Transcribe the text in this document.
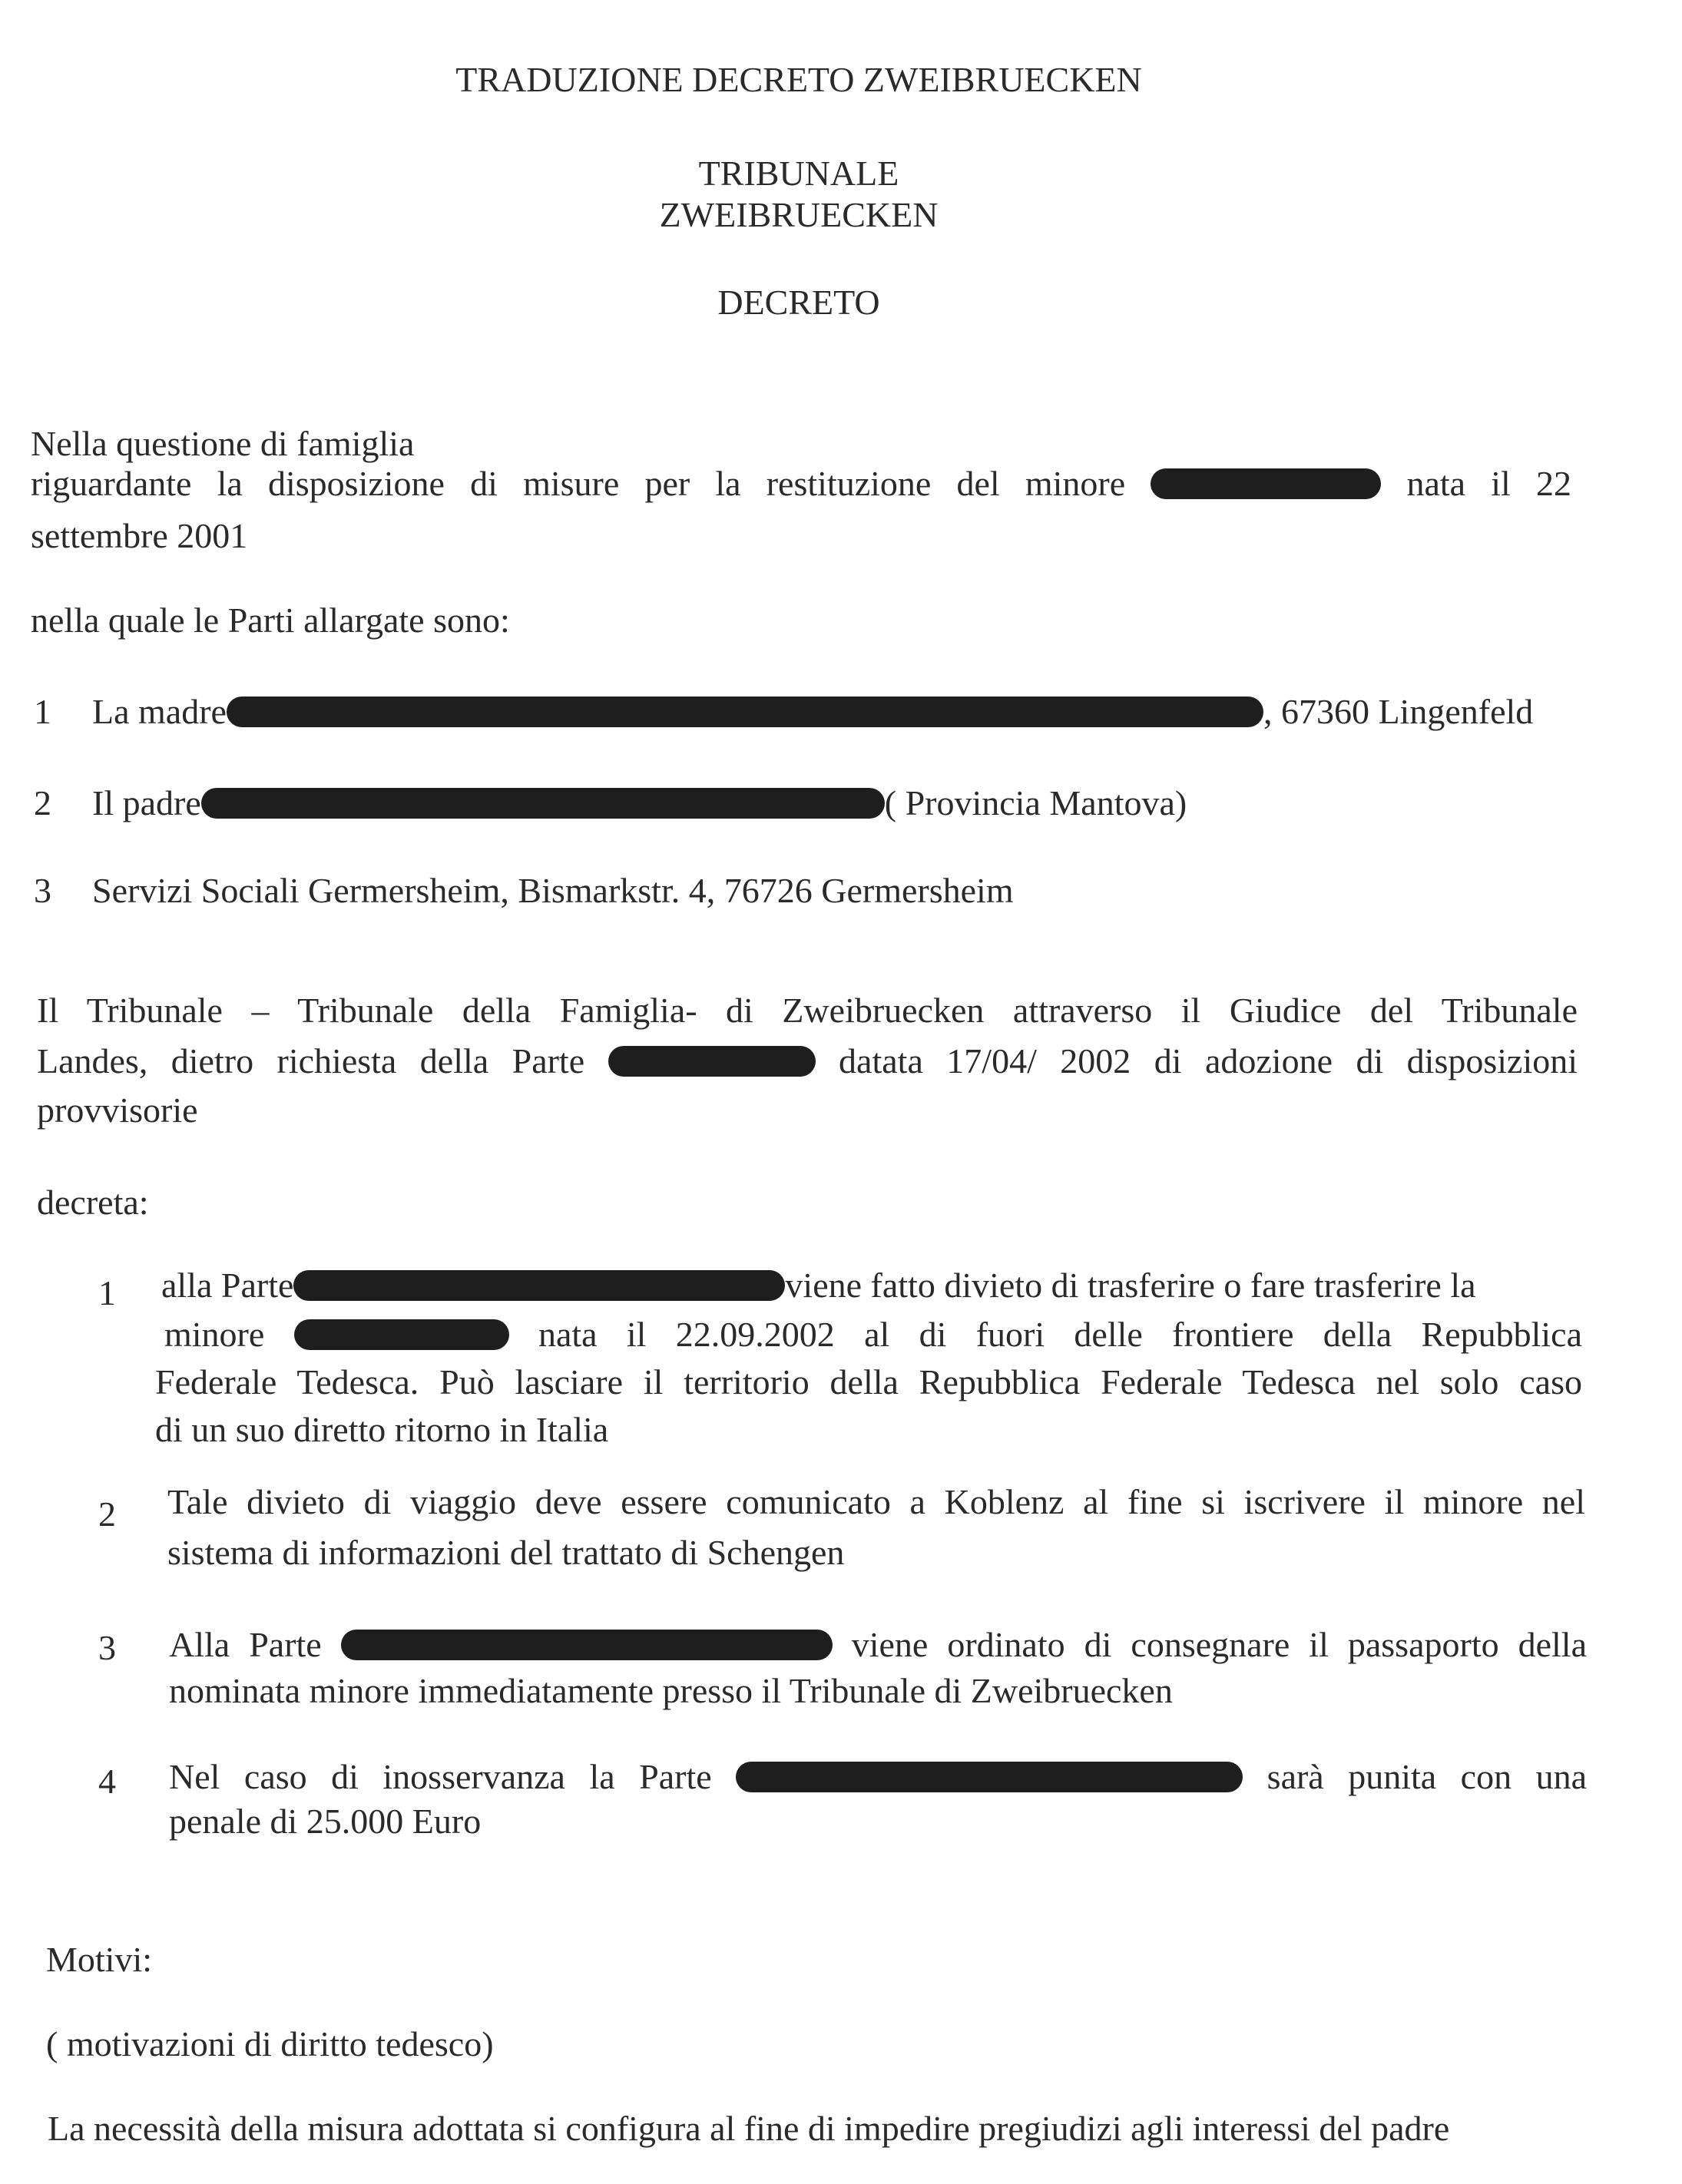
TRADUZIONE DECRETO ZWEIBRUECKEN
TRIBUNALE
ZWEIBRUECKEN
DECRETO
Nella questione di famiglia
riguardante la disposizione di misure per la restituzione del minore	nata il 22
settembre 2001
nella quale le Parti allargate sono:
1 La madre	, 67360 Lingenfeld
2 Il padre	( Provincia Mantova)
3 Servizi Sociali Germersheim, Bismarkstr. 4, 76726 Germersheim
Il Tribunale – Tribunale della Famiglia- di Zweibruecken attraverso il Giudice del Tribunale
Landes, dietro richiesta della Parte	datata 17/04/ 2002 di adozione di disposizioni
provvisorie
decreta:
1 alla Parte	viene fatto divieto di trasferire o fare trasferire la
minore	nata il 22.09.2002 al di fuori delle frontiere della Repubblica
Federale Tedesca. Può lasciare il territorio della Repubblica Federale Tedesca nel solo caso
di un suo diretto ritorno in Italia
2 Tale divieto di viaggio deve essere comunicato a Koblenz al fine si iscrivere il minore nel
sistema di informazioni del trattato di Schengen
3 Alla Parte	viene ordinato di consegnare il passaporto della
nominata minore immediatamente presso il Tribunale di Zweibruecken
4 Nel caso di inosservanza la Parte	sarà punita con una
penale di 25.000 Euro
Motivi:
( motivazioni di diritto tedesco)
La necessità della misura adottata si configura al fine di impedire pregiudizi agli interessi del padre
